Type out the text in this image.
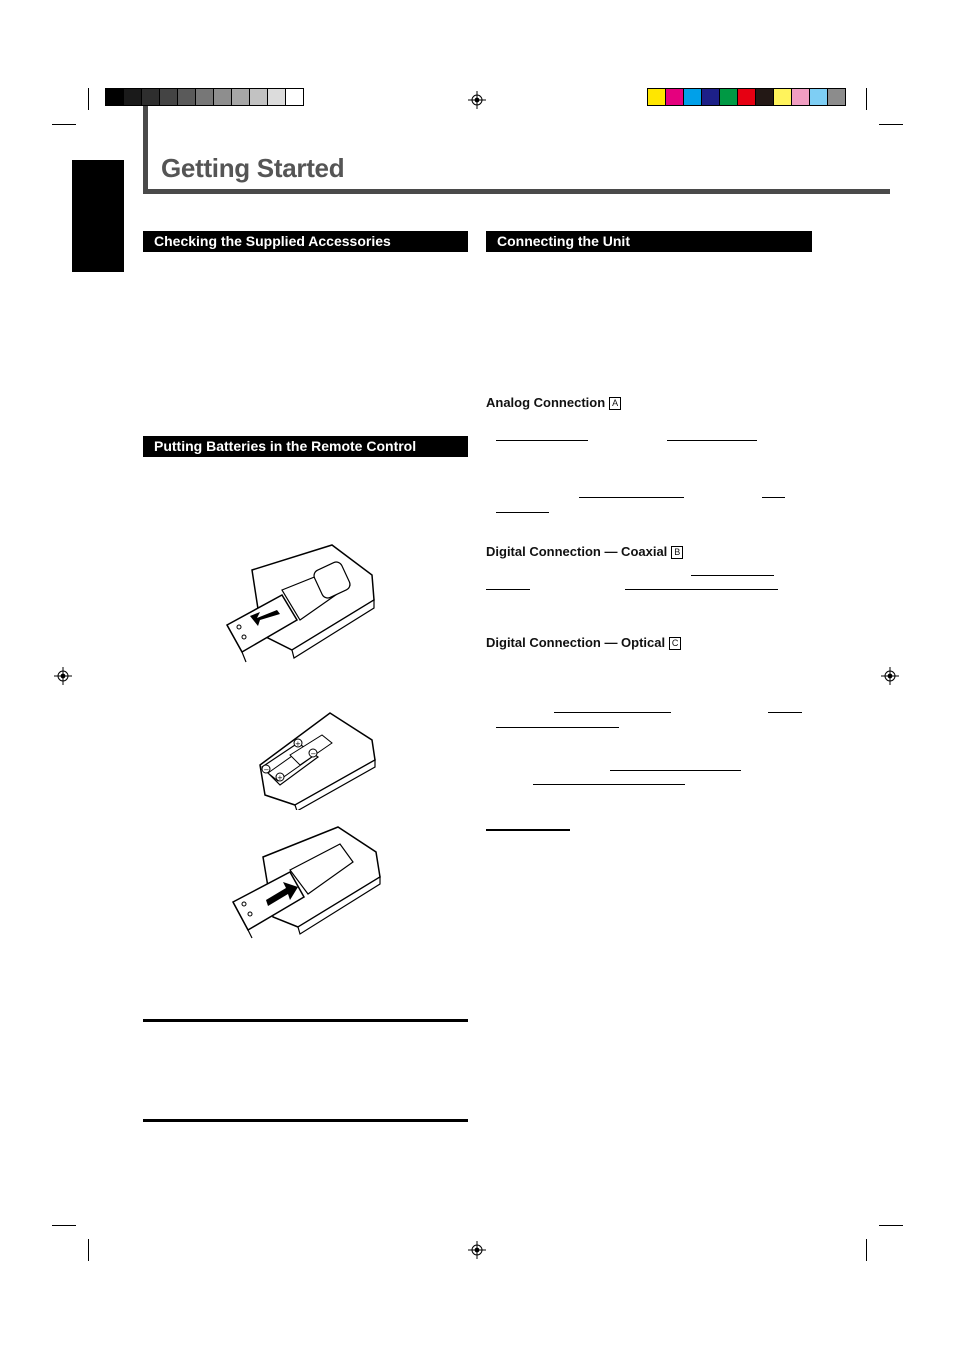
Getting Started
Checking the Supplied Accessories
Putting Batteries in the Remote Control
Connecting the Unit
Analog Connection A
Digital Connection — Coaxial B
Digital Connection — Optical C
−
+
+
−
